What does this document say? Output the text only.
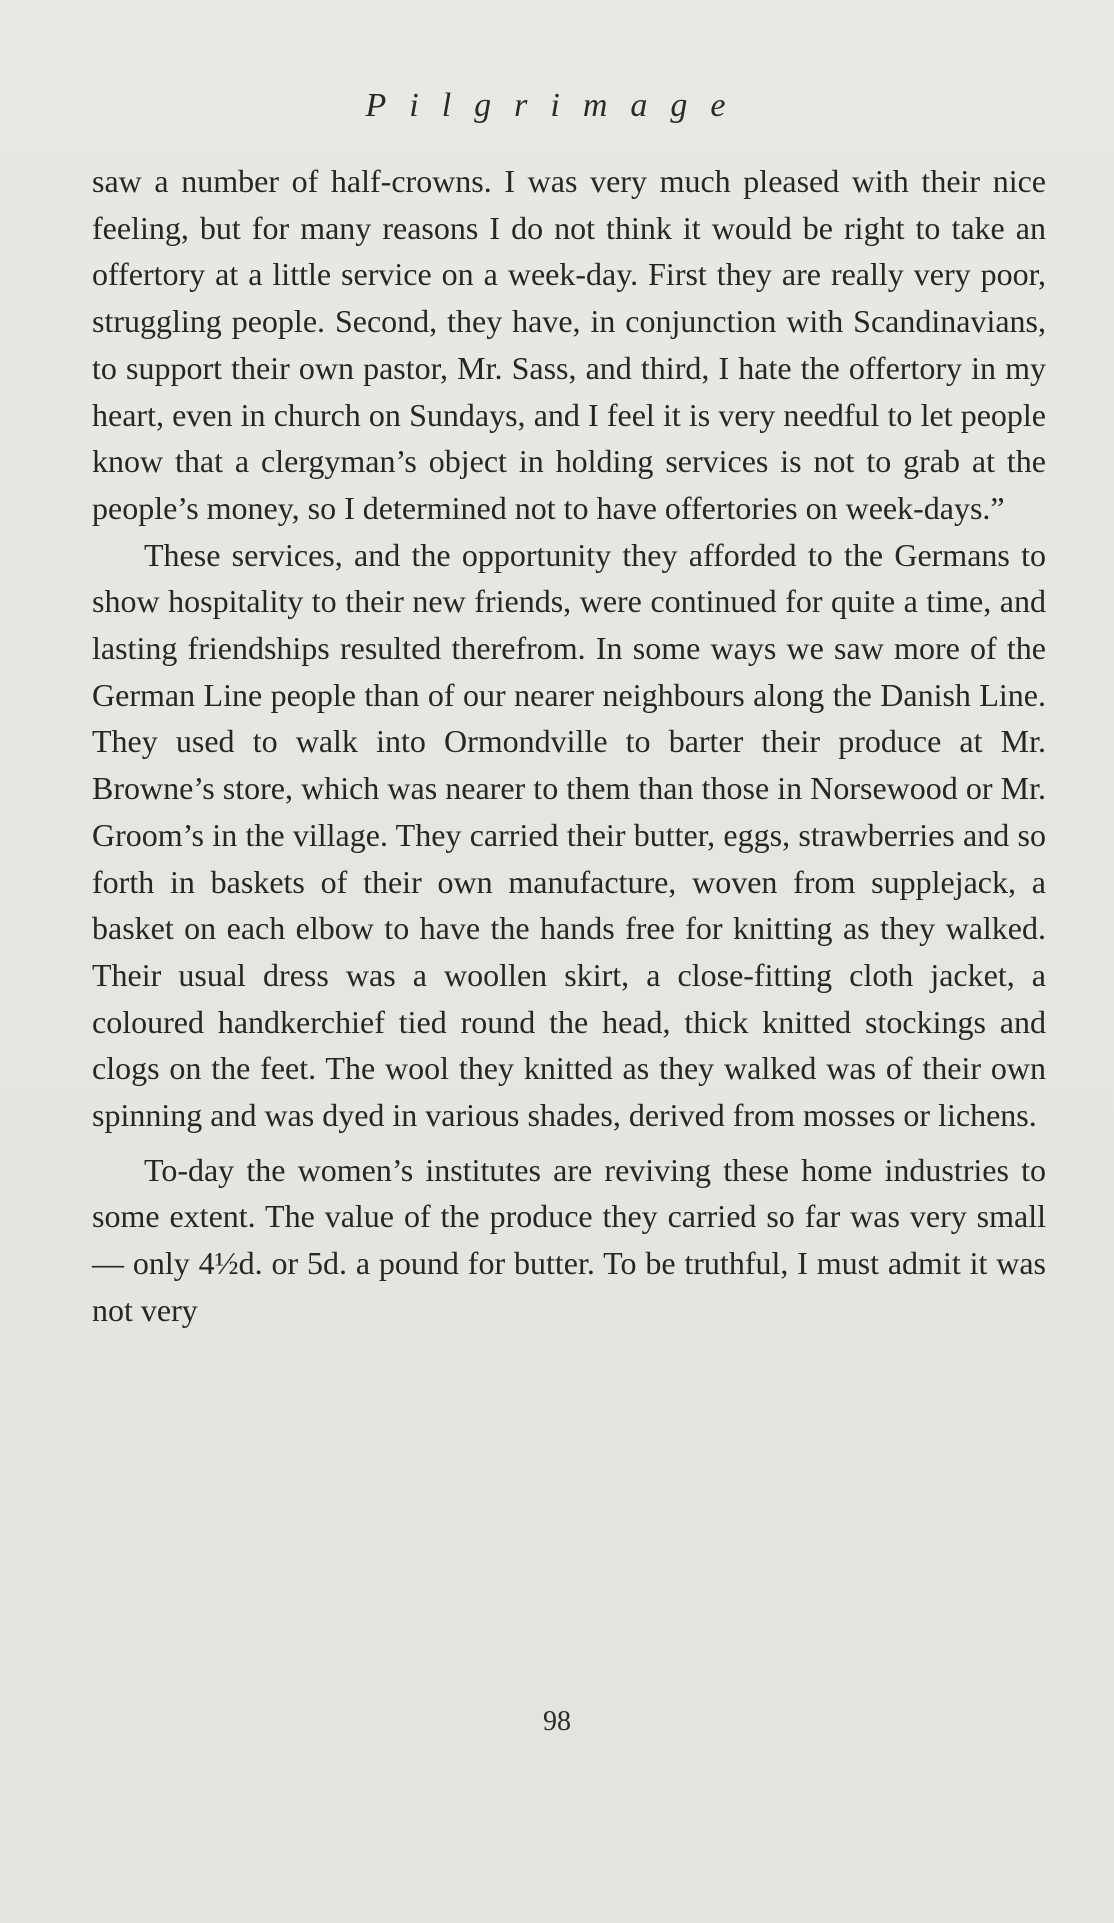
Pilgrimage

saw a number of half-crowns. I was very much pleased with their nice feeling, but for many reasons I do not think it would be right to take an offertory at a little service on a week-day. First they are really very poor, struggling people. Second, they have, in conjunction with Scandinavians, to support their own pastor, Mr. Sass, and third, I hate the offertory in my heart, even in church on Sundays, and I feel it is very needful to let people know that a clergyman’s object in holding services is not to grab at the people’s money, so I determined not to have offertories on week-days.”

These services, and the opportunity they afforded to the Germans to show hospitality to their new friends, were continued for quite a time, and lasting friendships resulted therefrom. In some ways we saw more of the German Line people than of our nearer neighbours along the Danish Line. They used to walk into Ormondville to barter their produce at Mr. Browne’s store, which was nearer to them than those in Norsewood or Mr. Groom’s in the village. They carried their butter, eggs, strawberries and so forth in baskets of their own manufacture, woven from supplejack, a basket on each elbow to have the hands free for knitting as they walked. Their usual dress was a woollen skirt, a close-fitting cloth jacket, a coloured handkerchief tied round the head, thick knitted stockings and clogs on the feet. The wool they knitted as they walked was of their own spinning and was dyed in various shades, derived from mosses or lichens.

To-day the women’s institutes are reviving these home industries to some extent. The value of the produce they carried so far was very small — only 4½d. or 5d. a pound for butter. To be truthful, I must admit it was not very

98
